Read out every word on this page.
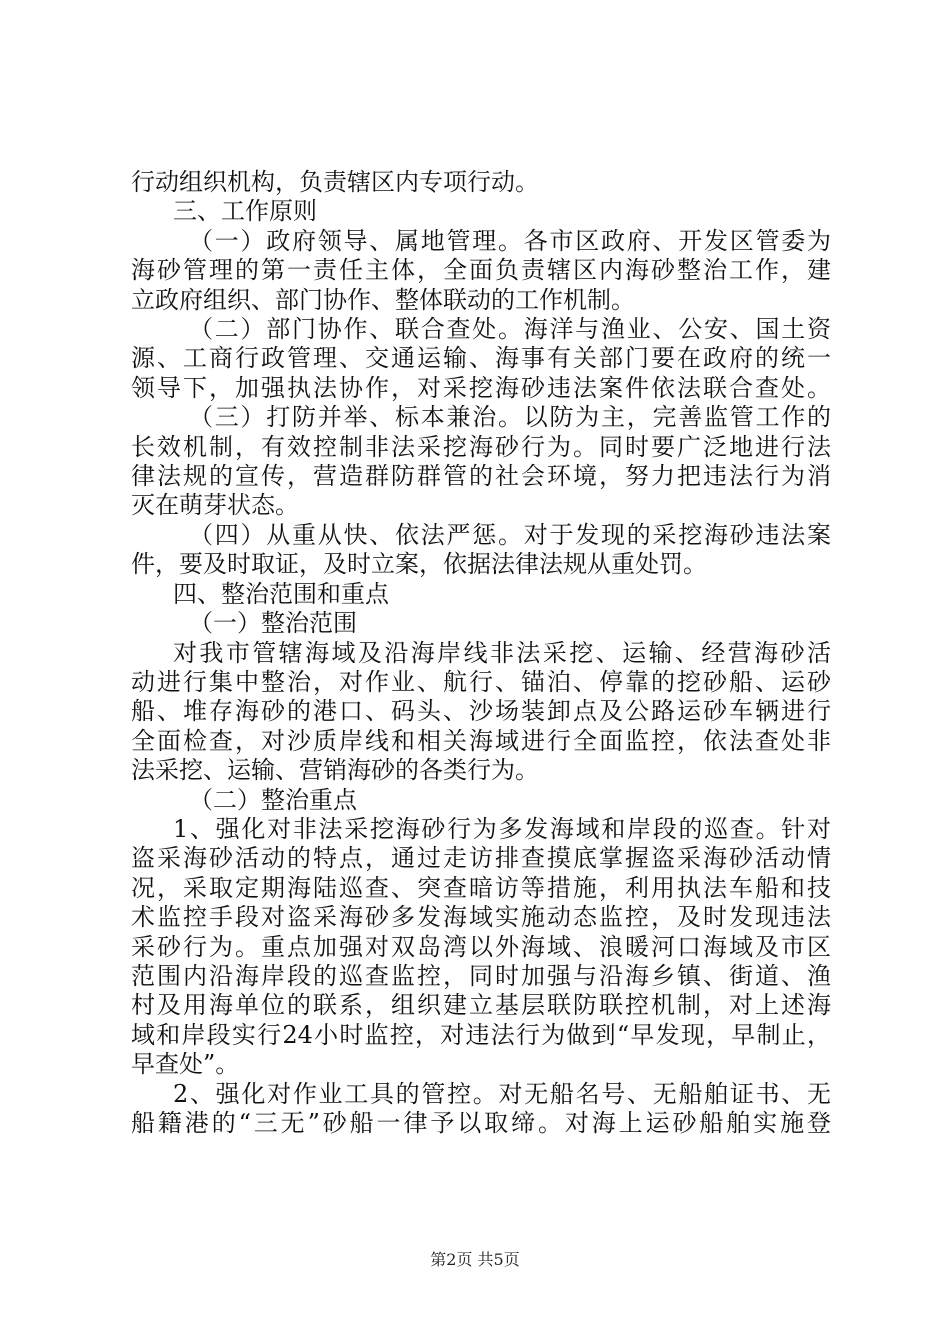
行动组织机构，负责辖区内专项行动。
三、工作原则
（一）政府领导、属地管理。各市区政府、开发区管委为
海砂管理的第一责任主体，全面负责辖区内海砂整治工作，建
立政府组织、部门协作、整体联动的工作机制。
（二）部门协作、联合查处。海洋与渔业、公安、国土资
源、工商行政管理、交通运输、海事有关部门要在政府的统一
领导下，加强执法协作，对采挖海砂违法案件依法联合查处。
（三）打防并举、标本兼治。以防为主，完善监管工作的
长效机制，有效控制非法采挖海砂行为。同时要广泛地进行法
律法规的宣传，营造群防群管的社会环境，努力把违法行为消
灭在萌芽状态。
（四）从重从快、依法严惩。对于发现的采挖海砂违法案
件，要及时取证，及时立案，依据法律法规从重处罚。
四、整治范围和重点
（一）整治范围
对我市管辖海域及沿海岸线非法采挖、运输、经营海砂活
动进行集中整治，对作业、航行、锚泊、停靠的挖砂船、运砂
船、堆存海砂的港口、码头、沙场装卸点及公路运砂车辆进行
全面检查，对沙质岸线和相关海域进行全面监控，依法查处非
法采挖、运输、营销海砂的各类行为。
（二）整治重点
1、强化对非法采挖海砂行为多发海域和岸段的巡查。针对
盗采海砂活动的特点，通过走访排查摸底掌握盗采海砂活动情
况，采取定期海陆巡查、突查暗访等措施，利用执法车船和技
术监控手段对盗采海砂多发海域实施动态监控，及时发现违法
采砂行为。重点加强对双岛湾以外海域、浪暖河口海域及市区
范围内沿海岸段的巡查监控，同时加强与沿海乡镇、街道、渔
村及用海单位的联系，组织建立基层联防联控机制，对上述海
域和岸段实行24小时监控，对违法行为做到“早发现，早制止，
早查处”。
2、强化对作业工具的管控。对无船名号、无船舶证书、无
船籍港的“三无”砂船一律予以取缔。对海上运砂船舶实施登
第2页 共5页
